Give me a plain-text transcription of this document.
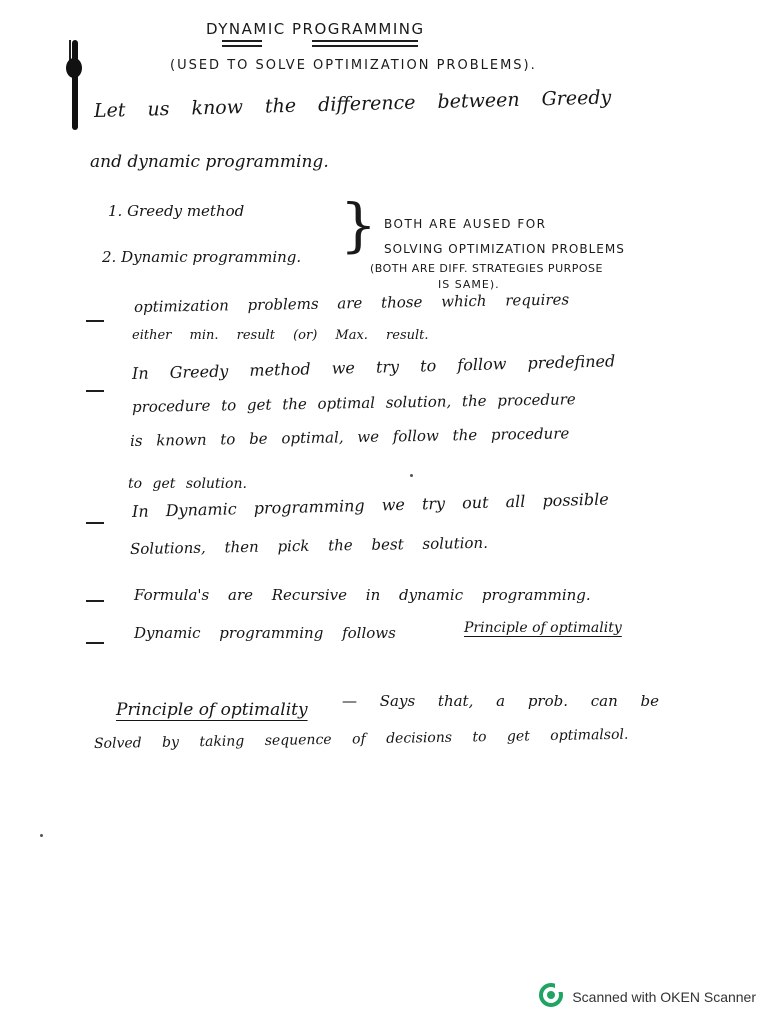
DYNAMIC PROGRAMMING
(USED TO SOLVE OPTIMIZATION PROBLEMS).
Let us know the difference between Greedy
and dynamic programming.
1. Greedy method
2. Dynamic programming. } BOTH ARE AUSED FOR
SOLVING OPTIMIZATION PROBLEMS
(BOTH ARE DIFF. STRATEGIES PURPOSE
IS SAME).
optimization problems are those which requires
either min. result (or) Max. result.
In Greedy method we try to follow predefined
procedure to get the optimal solution, the procedure
is known to be optimal, we follow the procedure
to get solution.
In Dynamic programming we try out all possible
Solutions, then pick the best solution.
Formula's are Recursive in dynamic programming.
Dynamic programming follows	Principle of optimality
Principle of optimality — Says that, a prob. can be
Solved by taking sequence of decisions to get optimalsol.
Scanned with OKEN Scanner
